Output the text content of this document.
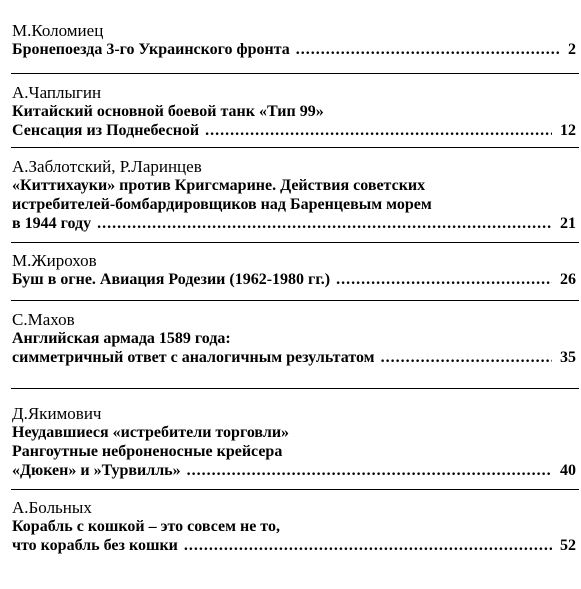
М.Коломиец
Бронепоезда 3-го Украинского фронта .....	2
А.Чаплыгин
Китайский основной боевой танк «Тип 99»
Сенсация из Поднебесной .....	12
А.Заблотский, Р.Ларинцев
«Киттихауки» против Кригсмарине. Действия советских
истребителей-бомбардировщиков над Баренцевым морем
в 1944 году .....	21
М.Жирохов
Буш в огне. Авиация Родезии (1962-1980 гг.) .....	26
С.Махов
Английская армада 1589 года:
симметричный ответ с аналогичным результатом .....	35
Д.Якимович
Неудавшиеся «истребители торговли»
Рангоутные неброненосные крейсера
«Дюкен» и »Турвилль» .....	40
А.Больных
Корабль с кошкой – это совсем не то,
что корабль без кошки .....	52
